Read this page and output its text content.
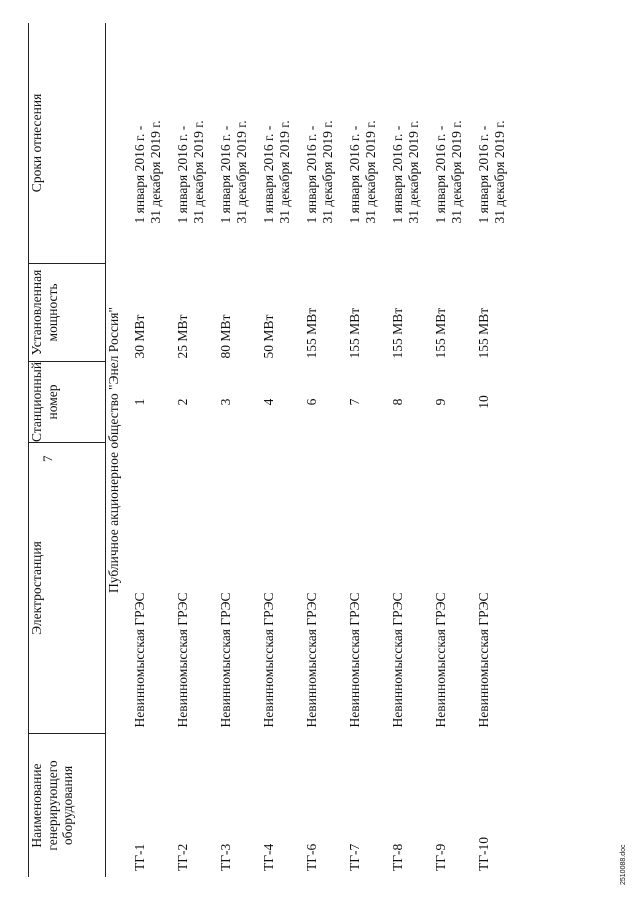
7
Наименование генерирующего оборудования	Электростанция	Станционный номер	Установленная мощность	Сроки отнесения
Публичное акционерное общество "Энел Россия"				
ТГ-1	Невинномысская ГРЭС	1	30 МВт	1 января 2016 г. - 31 декабря 2019 г.

ТГ-2	Невинномысская ГРЭС	2	25 МВт	1 января 2016 г. - 31 декабря 2019 г.

ТГ-3	Невинномысская ГРЭС	3	80 МВт	1 января 2016 г. - 31 декабря 2019 г.

ТГ-4	Невинномысская ГРЭС	4	50 МВт	1 января 2016 г. - 31 декабря 2019 г.

ТГ-6	Невинномысская ГРЭС	6	155 МВт	1 января 2016 г. - 31 декабря 2019 г.

ТГ-7	Невинномысская ГРЭС	7	155 МВт	1 января 2016 г. - 31 декабря 2019 г.

ТГ-8	Невинномысская ГРЭС	8	155 МВт	1 января 2016 г. - 31 декабря 2019 г.

ТГ-9	Невинномысская ГРЭС	9	155 МВт	1 января 2016 г. - 31 декабря 2019 г.

ТГ-10	Невинномысская ГРЭС	10	155 МВт	1 января 2016 г. - 31 декабря 2019 г.
2510088.doc
